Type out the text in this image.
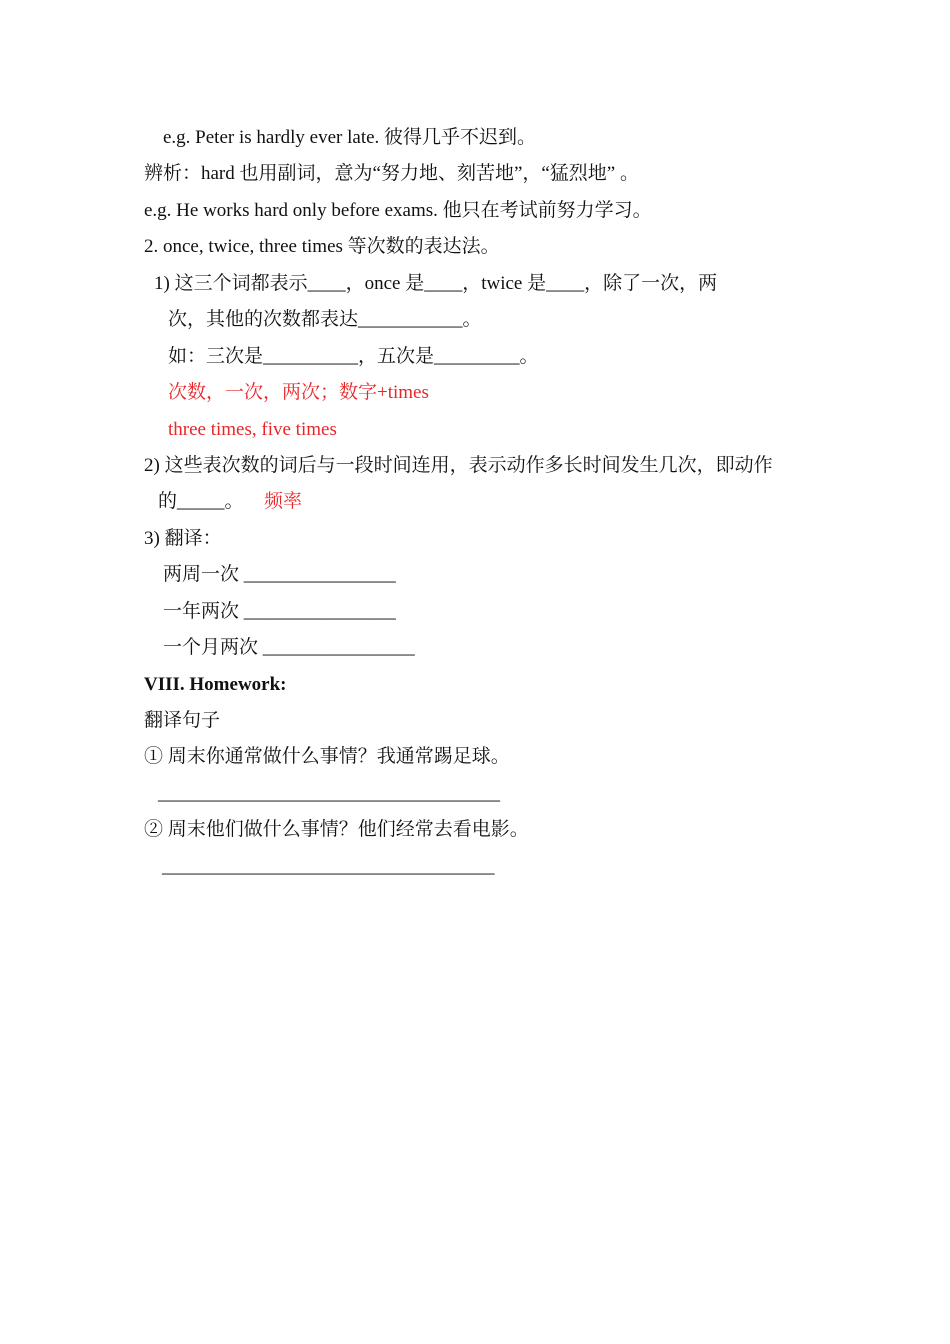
e.g. Peter is hardly ever late. 彼得几乎不迟到。
辨析：hard 也用副词，意为“努力地、刻苦地”，“猛烈地” 。
e.g. He works hard only before exams. 他只在考试前努力学习。
2. once, twice, three times 等次数的表达法。
1) 这三个词都表示____，once 是____，twice 是____，除了一次，两
次，其他的次数都表达___________。
如：三次是__________，五次是_________。
次数，一次，两次；数字+times
three times, five times
2) 这些表次数的词后与一段时间连用，表示动作多长时间发生几次，即动作
的_____。 频率
3) 翻译：
两周一次 ________________
一年两次 ________________
一个月两次 ________________
VIII. Homework:
翻译句子
① 周末你通常做什么事情？我通常踢足球。
____________________________________
② 周末他们做什么事情？他们经常去看电影。
___________________________________
